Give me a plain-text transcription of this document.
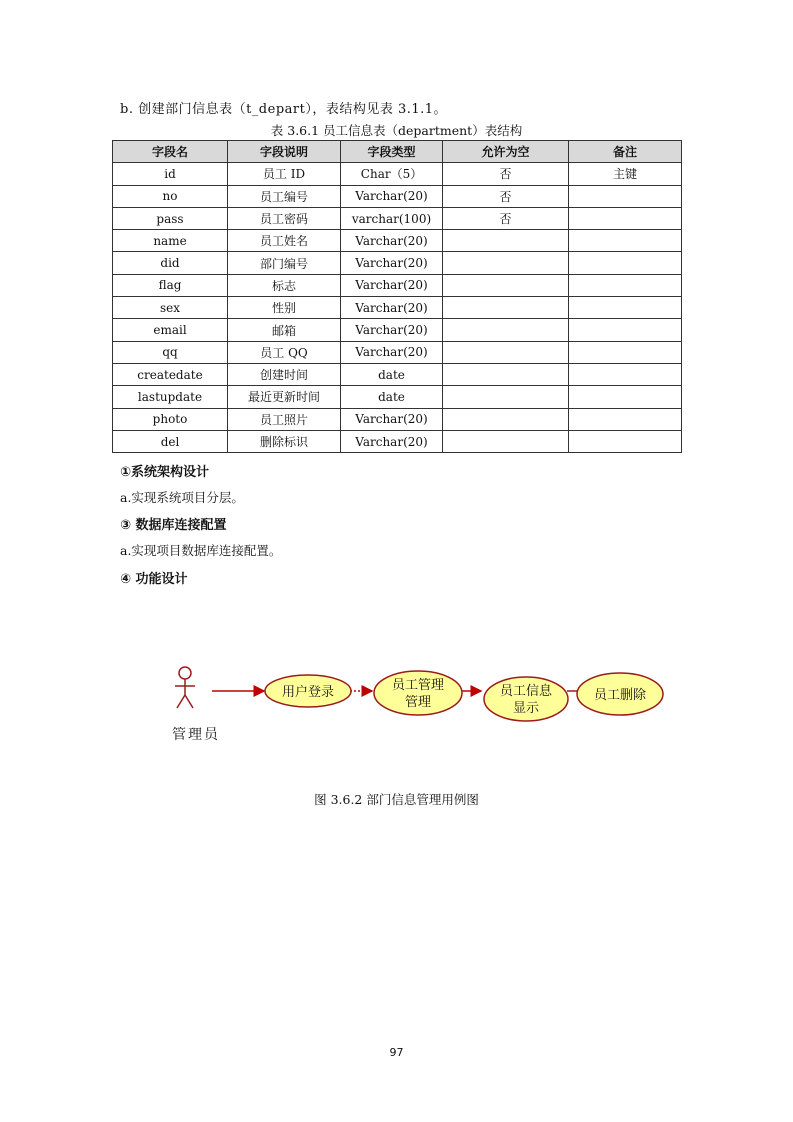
b. 创建部门信息表（t_depart），表结构见表 3.1.1。
表 3.6.1 员工信息表（department）表结构
字段名	字段说明	字段类型	允许为空	备注
id	员工 ID	Char（5）	否	主键
no	员工编号	Varchar(20)	否	
pass	员工密码	varchar(100)	否	
name	员工姓名	Varchar(20)		
did	部门编号	Varchar(20)		
flag	标志	Varchar(20)		
sex	性别	Varchar(20)		
email	邮箱	Varchar(20)		
qq	员工 QQ	Varchar(20)		
createdate	创建时间	date		
lastupdate	最近更新时间	date		
photo	员工照片	Varchar(20)		
del	删除标识	Varchar(20)		
①系统架构设计
a.实现系统项目分层。
③ 数据库连接配置
a.实现项目数据库连接配置。
④ 功能设计
用户登录	员工管理
管理
员工信息
显示
员工删除
管理员
图 3.6.2 部门信息管理用例图
97
